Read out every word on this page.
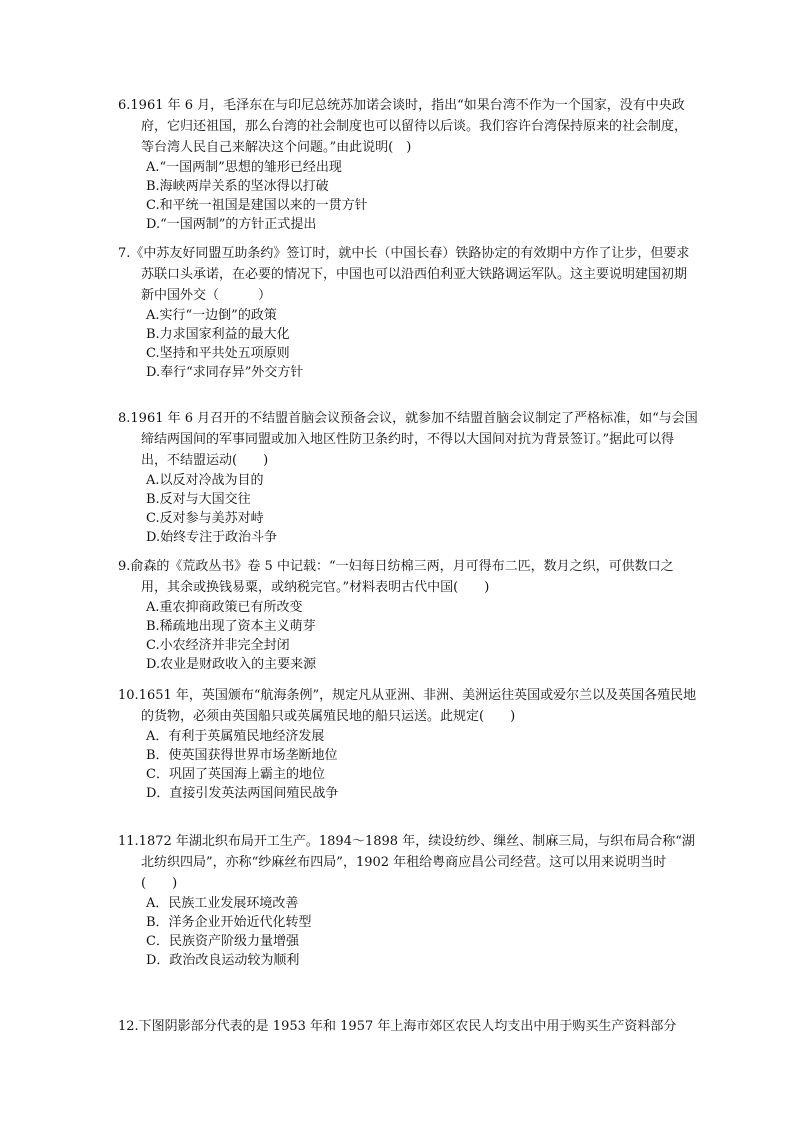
6.1961 年 6 月，毛泽东在与印尼总统苏加诺会谈时，指出“如果台湾不作为一个国家，没有中央政府，它归还祖国，那么台湾的社会制度也可以留待以后谈。我们容许台湾保持原来的社会制度，等台湾人民自己来解决这个问题。”由此说明(　)

A.“一国两制”思想的雏形已经出现
B.海峡两岸关系的坚冰得以打破
C.和平统一祖国是建国以来的一贯方针
D.“一国两制”的方针正式提出

7.《中苏友好同盟互助条约》签订时，就中长（中国长春）铁路协定的有效期中方作了让步，但要求苏联口头承诺，在必要的情况下，中国也可以沿西伯利亚大铁路调运军队。这主要说明建国初期新中国外交（　　　）

A.实行“一边倒”的政策
B.力求国家利益的最大化
C.坚持和平共处五项原则
D.奉行“求同存异”外交方针

8.1961 年 6 月召开的不结盟首脑会议预备会议，就参加不结盟首脑会议制定了严格标准，如“与会国缔结两国间的军事同盟或加入地区性防卫条约时，不得以大国间对抗为背景签订。”据此可以得出，不结盟运动(　　)

A.以反对冷战为目的
B.反对与大国交往
C.反对参与美苏对峙
D.始终专注于政治斗争

9.俞森的《荒政丛书》卷 5 中记载：“一妇每日纺棉三两，月可得布二匹，数月之织，可供数口之用，其余或换钱易粟，或纳税完官。”材料表明古代中国(　　)

A.重农抑商政策已有所改变
B.稀疏地出现了资本主义萌芽
C.小农经济并非完全封闭
D.农业是财政收入的主要来源

10.1651 年，英国颁布“航海条例”，规定凡从亚洲、非洲、美洲运往英国或爱尔兰以及英国各殖民地的货物，必须由英国船只或英属殖民地的船只运送。此规定(　　)

A．有利于英属殖民地经济发展
B．使英国获得世界市场垄断地位
C．巩固了英国海上霸主的地位
D．直接引发英法两国间殖民战争

11.1872 年湖北织布局开工生产。1894～1898 年，续设纺纱、缫丝、制麻三局，与织布局合称“湖北纺织四局”，亦称“纱麻丝布四局”，1902 年租给粤商应昌公司经营。这可以用来说明当时(　　)

A．民族工业发展环境改善
B．洋务企业开始近代化转型
C．民族资产阶级力量增强
D．政治改良运动较为顺利

12.下图阴影部分代表的是 1953 年和 1957 年上海市郊区农民人均支出中用于购买生产资料部分
